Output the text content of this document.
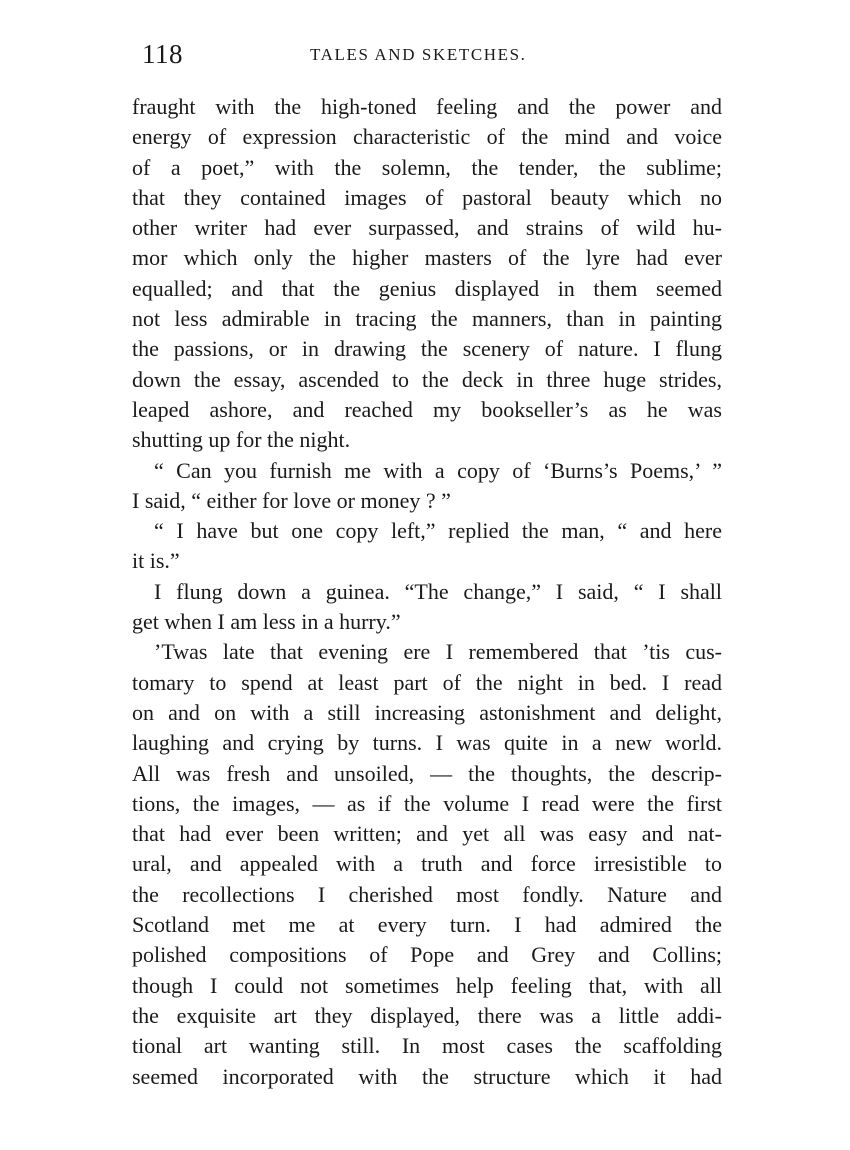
118	TALES AND SKETCHES.
fraught with the high-toned feeling and the power and
energy of expression characteristic of the mind and voice
of a poet,” with the solemn, the tender, the sublime;
that they contained images of pastoral beauty which no
other writer had ever surpassed, and strains of wild hu-
mor which only the higher masters of the lyre had ever
equalled; and that the genius displayed in them seemed
not less admirable in tracing the manners, than in painting
the passions, or in drawing the scenery of nature. I flung
down the essay, ascended to the deck in three huge strides,
leaped ashore, and reached my bookseller’s as he was
shutting up for the night.
“ Can you furnish me with a copy of ‘Burns’s Poems,’ ”
I said, “ either for love or money ? ”
“ I have but one copy left,” replied the man, “ and here
it is.”
I flung down a guinea. “The change,” I said, “ I shall
get when I am less in a hurry.”
’Twas late that evening ere I remembered that ’tis cus-
tomary to spend at least part of the night in bed. I read
on and on with a still increasing astonishment and delight,
laughing and crying by turns. I was quite in a new world.
All was fresh and unsoiled, — the thoughts, the descrip-
tions, the images, — as if the volume I read were the first
that had ever been written; and yet all was easy and nat-
ural, and appealed with a truth and force irresistible to
the recollections I cherished most fondly. Nature and
Scotland met me at every turn. I had admired the
polished compositions of Pope and Grey and Collins;
though I could not sometimes help feeling that, with all
the exquisite art they displayed, there was a little addi-
tional art wanting still. In most cases the scaffolding
seemed incorporated with the structure which it had
